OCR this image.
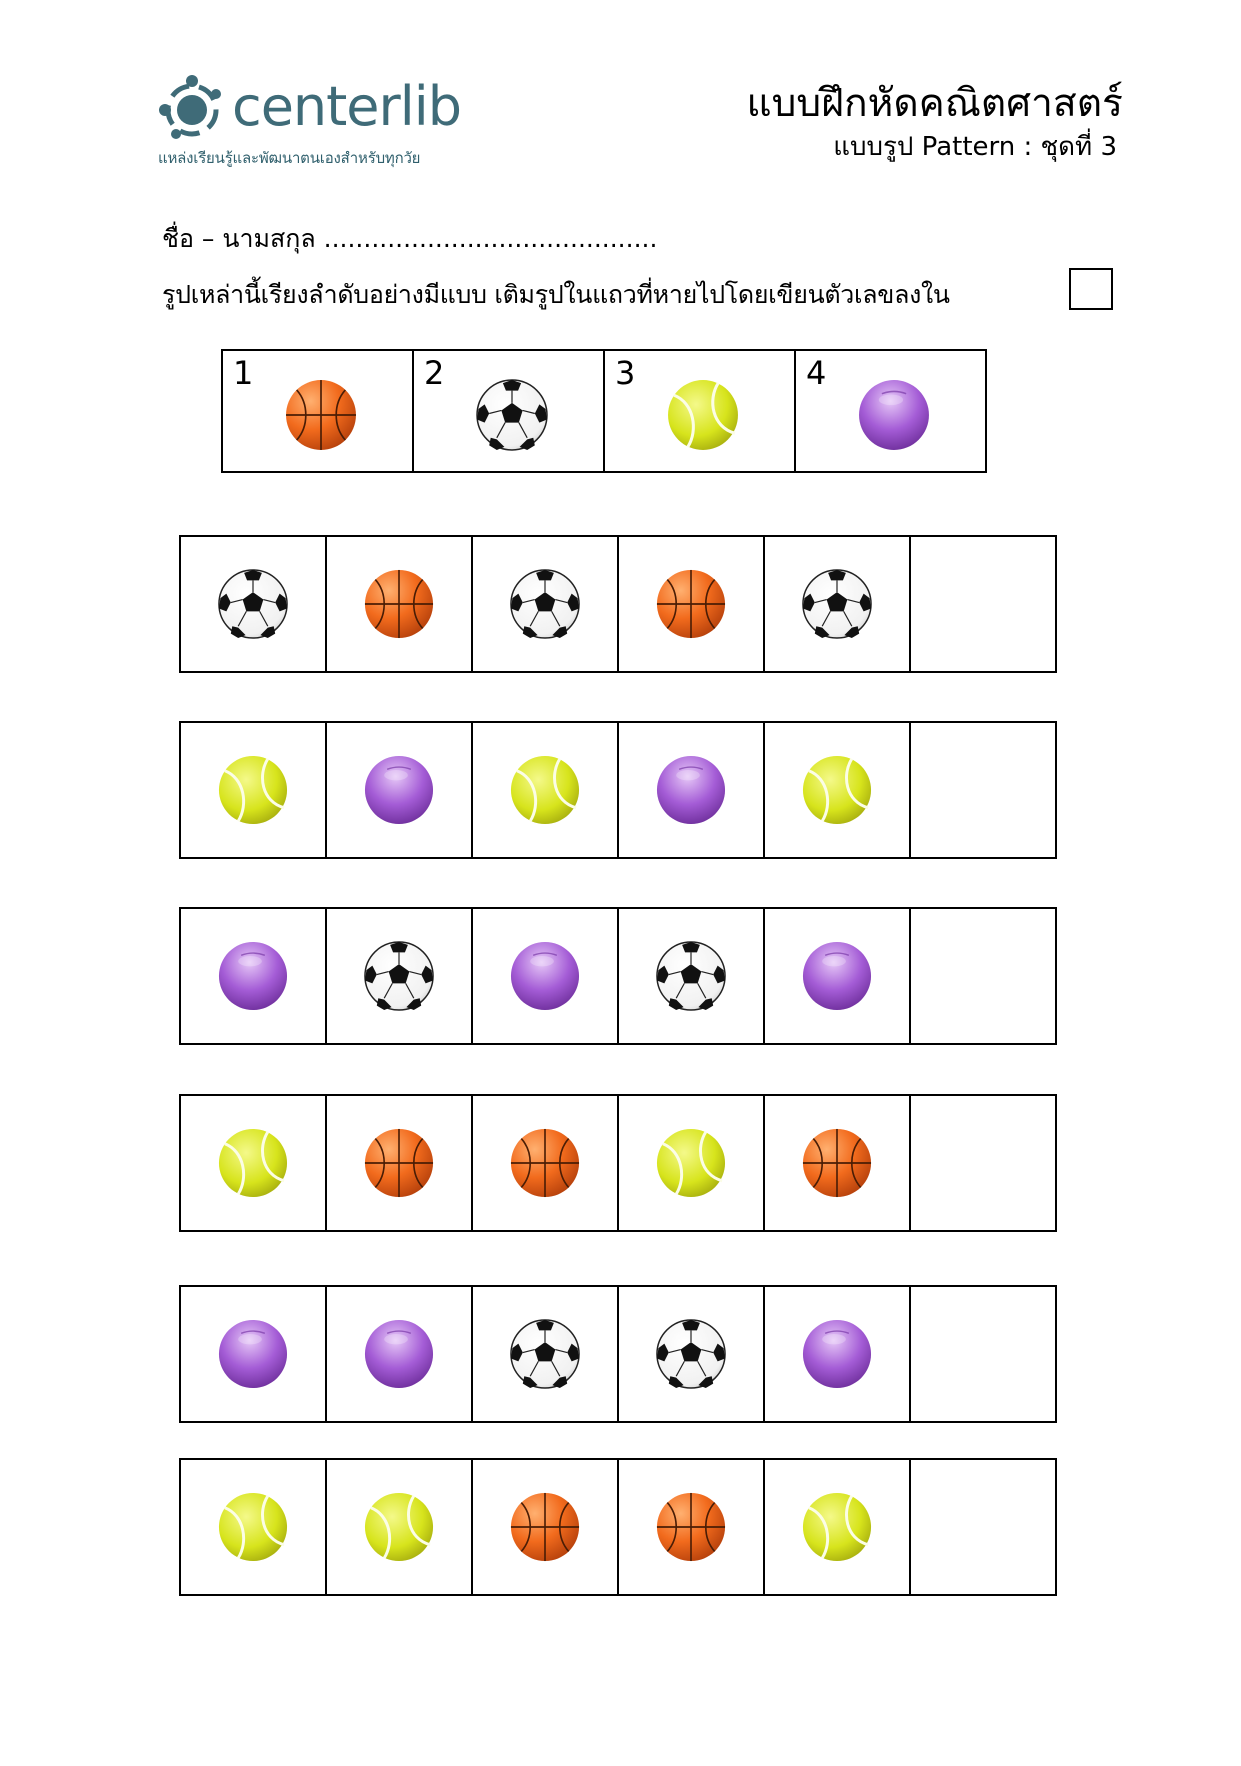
centerlib
แหล่งเรียนรู้และพัฒนาตนเองสำหรับทุกวัย
แบบฝึกหัดคณิตศาสตร์
แบบรูป Pattern : ชุดที่ 3
ชื่อ – นามสกุล ..........................................
รูปเหล่านี้เรียงลำดับอย่างมีแบบ เติมรูปในแถวที่หายไปโดยเขียนตัวเลขลงใน
1	2	3	4
